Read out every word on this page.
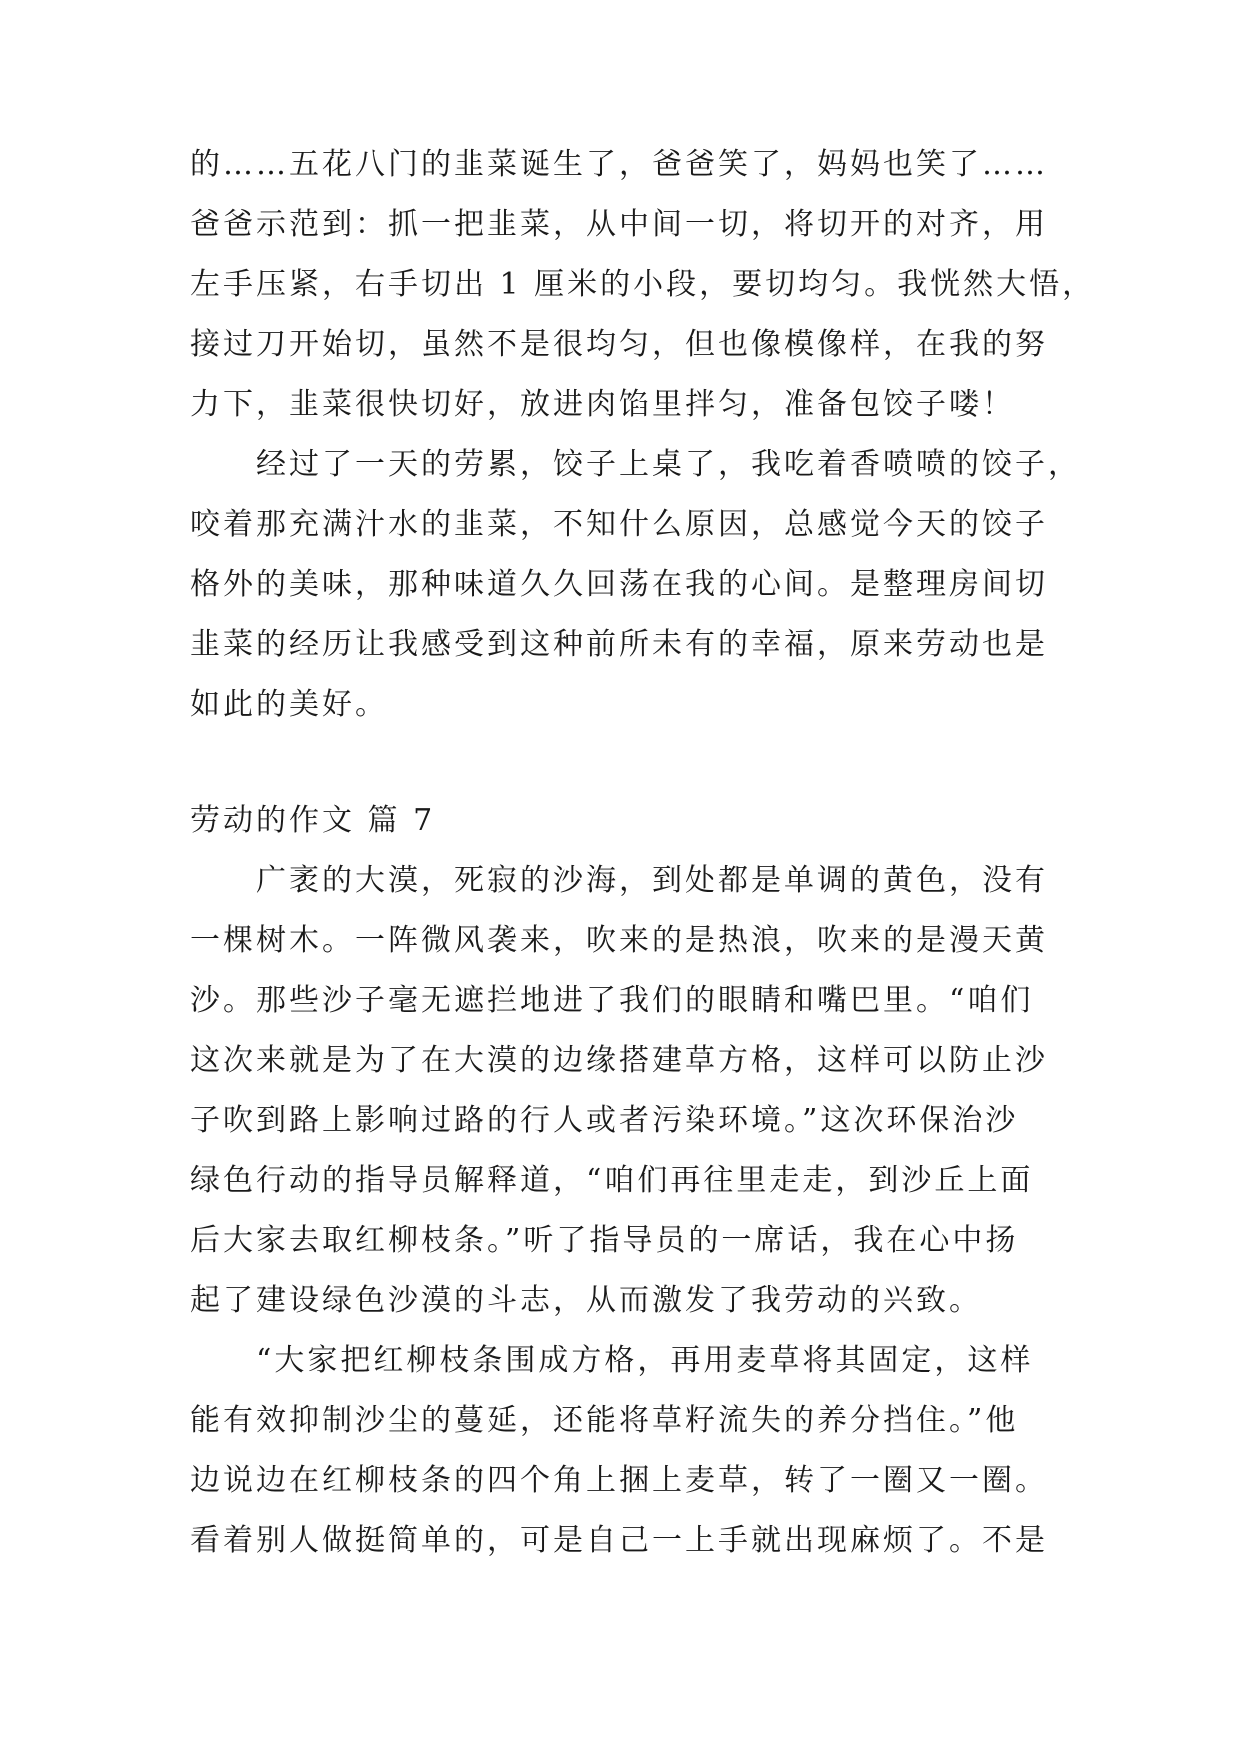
的……五花八门的韭菜诞生了，爸爸笑了，妈妈也笑了……
爸爸示范到：抓一把韭菜，从中间一切，将切开的对齐，用
左手压紧，右手切出 1 厘米的小段，要切均匀。我恍然大悟，
接过刀开始切，虽然不是很均匀，但也像模像样，在我的努
力下，韭菜很快切好，放进肉馅里拌匀，准备包饺子喽！
　　经过了一天的劳累，饺子上桌了，我吃着香喷喷的饺子，
咬着那充满汁水的韭菜，不知什么原因，总感觉今天的饺子
格外的美味，那种味道久久回荡在我的心间。是整理房间切
韭菜的经历让我感受到这种前所未有的幸福，原来劳动也是
如此的美好。
劳动的作文 篇 7
　　广袤的大漠，死寂的沙海，到处都是单调的黄色，没有
一棵树木。一阵微风袭来，吹来的是热浪，吹来的是漫天黄
沙。那些沙子毫无遮拦地进了我们的眼睛和嘴巴里。“咱们
这次来就是为了在大漠的边缘搭建草方格，这样可以防止沙
子吹到路上影响过路的行人或者污染环境。”这次环保治沙
绿色行动的指导员解释道，“咱们再往里走走，到沙丘上面
后大家去取红柳枝条。”听了指导员的一席话，我在心中扬
起了建设绿色沙漠的斗志，从而激发了我劳动的兴致。
　　“大家把红柳枝条围成方格，再用麦草将其固定，这样
能有效抑制沙尘的蔓延，还能将草籽流失的养分挡住。”他
边说边在红柳枝条的四个角上捆上麦草，转了一圈又一圈。
看着别人做挺简单的，可是自己一上手就出现麻烦了。不是
